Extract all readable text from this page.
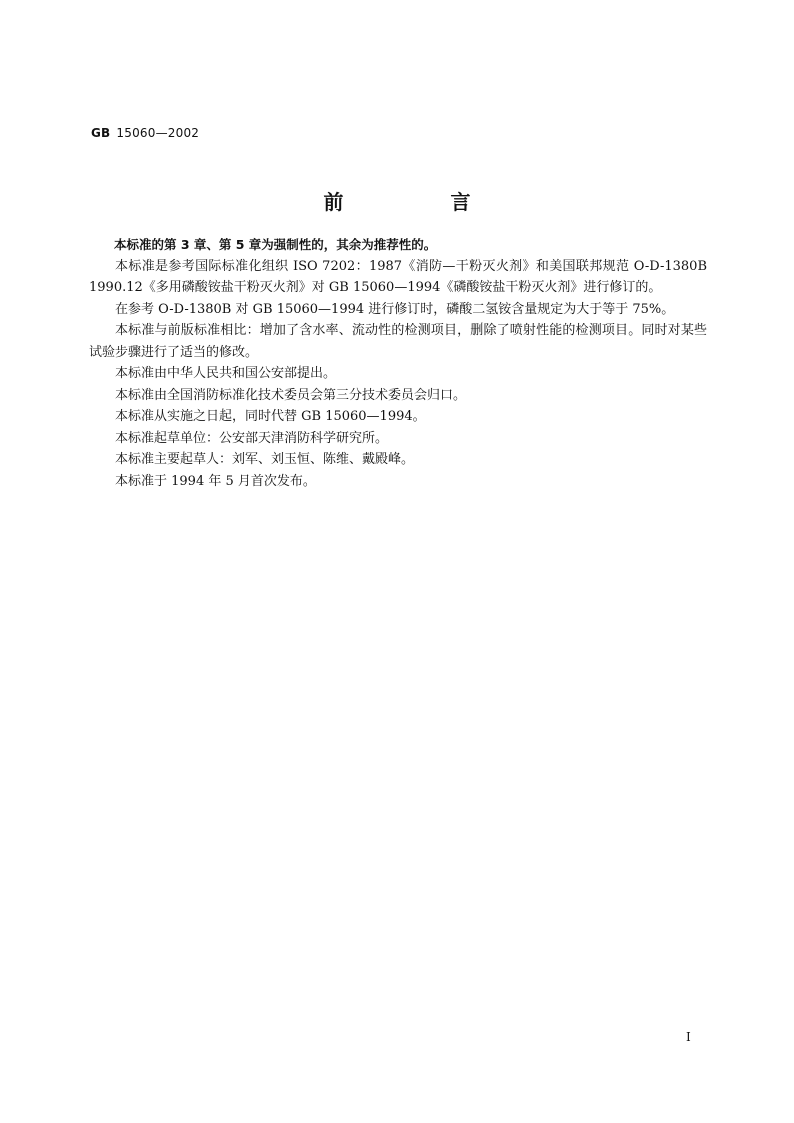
GB 15060—2002
前 言

本标准的第 3 章、第 5 章为强制性的，其余为推荐性的。

本标准是参考国际标准化组织 ISO 7202：1987《消防—干粉灭火剂》和美国联邦规范 O-D-1380B 1990.12《多用磷酸铵盐干粉灭火剂》对 GB 15060—1994《磷酸铵盐干粉灭火剂》进行修订的。

在参考 O-D-1380B 对 GB 15060—1994 进行修订时，磷酸二氢铵含量规定为大于等于 75%。

本标准与前版标准相比：增加了含水率、流动性的检测项目，删除了喷射性能的检测项目。同时对某些试验步骤进行了适当的修改。

本标准由中华人民共和国公安部提出。

本标准由全国消防标准化技术委员会第三分技术委员会归口。

本标准从实施之日起，同时代替 GB 15060—1994。

本标准起草单位：公安部天津消防科学研究所。

本标准主要起草人：刘军、刘玉恒、陈维、戴殿峰。

本标准于 1994 年 5 月首次发布。

I
